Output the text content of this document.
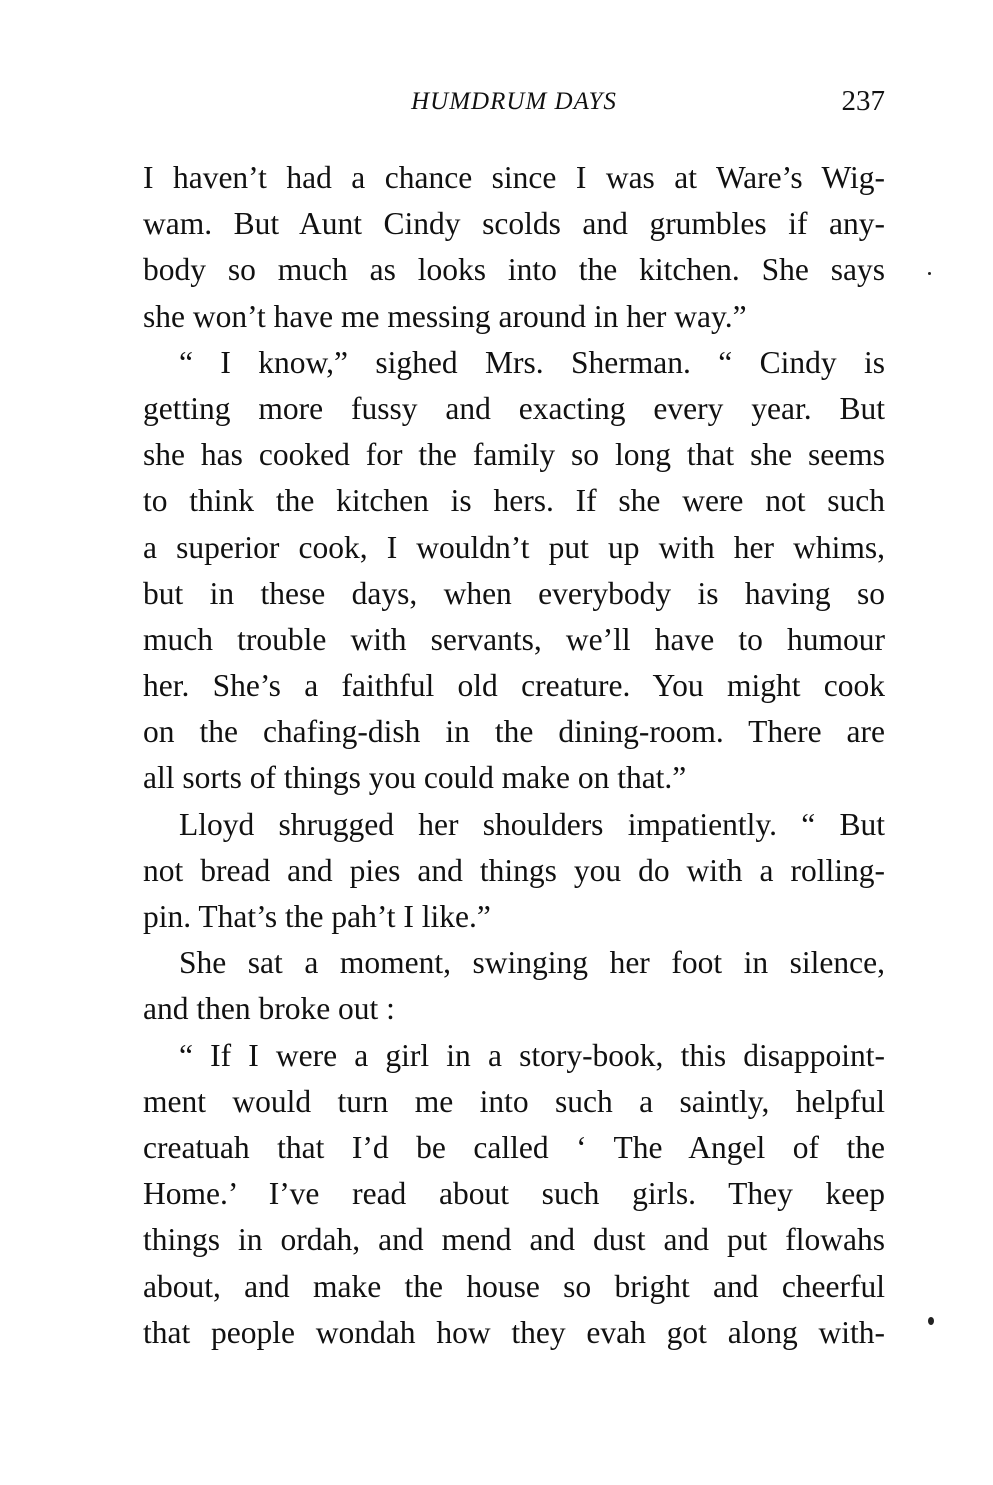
HUMDRUM DAYS	237
I haven’t had a chance since I was at Ware’s Wig-
wam. But Aunt Cindy scolds and grumbles if any-
body so much as looks into the kitchen. She says
she won’t have me messing around in her way.”
“ I know,” sighed Mrs. Sherman. “ Cindy is
getting more fussy and exacting every year. But
she has cooked for the family so long that she seems
to think the kitchen is hers. If she were not such
a superior cook, I wouldn’t put up with her whims,
but in these days, when everybody is having so
much trouble with servants, we’ll have to humour
her. She’s a faithful old creature. You might cook
on the chafing-dish in the dining-room. There are
all sorts of things you could make on that.”
Lloyd shrugged her shoulders impatiently. “ But
not bread and pies and things you do with a rolling-
pin. That’s the pah’t I like.”
She sat a moment, swinging her foot in silence,
and then broke out :
“ If I were a girl in a story-book, this disappoint-
ment would turn me into such a saintly, helpful
creatuah that I’d be called ‘ The Angel of the
Home.’ I’ve read about such girls. They keep
things in ordah, and mend and dust and put flowahs
about, and make the house so bright and cheerful
that people wondah how they evah got along with-
